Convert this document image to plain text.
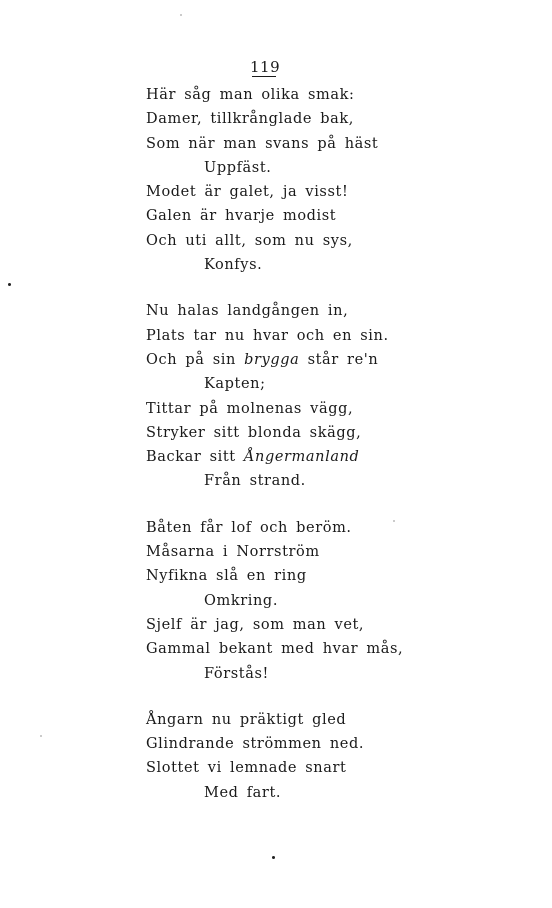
119
Här såg man olika smak:
Damer, tillkrånglade bak,
Som när man svans på häst
Uppfäst.
Modet är galet, ja visst!
Galen är hvarje modist
Och uti allt, som nu sys,
Konfys.
Nu halas landgången in,
Plats tar nu hvar och en sin.
Och på sin brygga står re'n
Kapten;
Tittar på molnenas vägg,
Stryker sitt blonda skägg,
Backar sitt Ångermanland
Från strand.
Båten får lof och beröm.
Måsarna i Norrström
Nyfikna slå en ring
Omkring.
Sjelf är jag, som man vet,
Gammal bekant med hvar mås,
Förstås!
Ångarn nu präktigt gled
Glindrande strömmen ned.
Slottet vi lemnade snart
Med fart.
